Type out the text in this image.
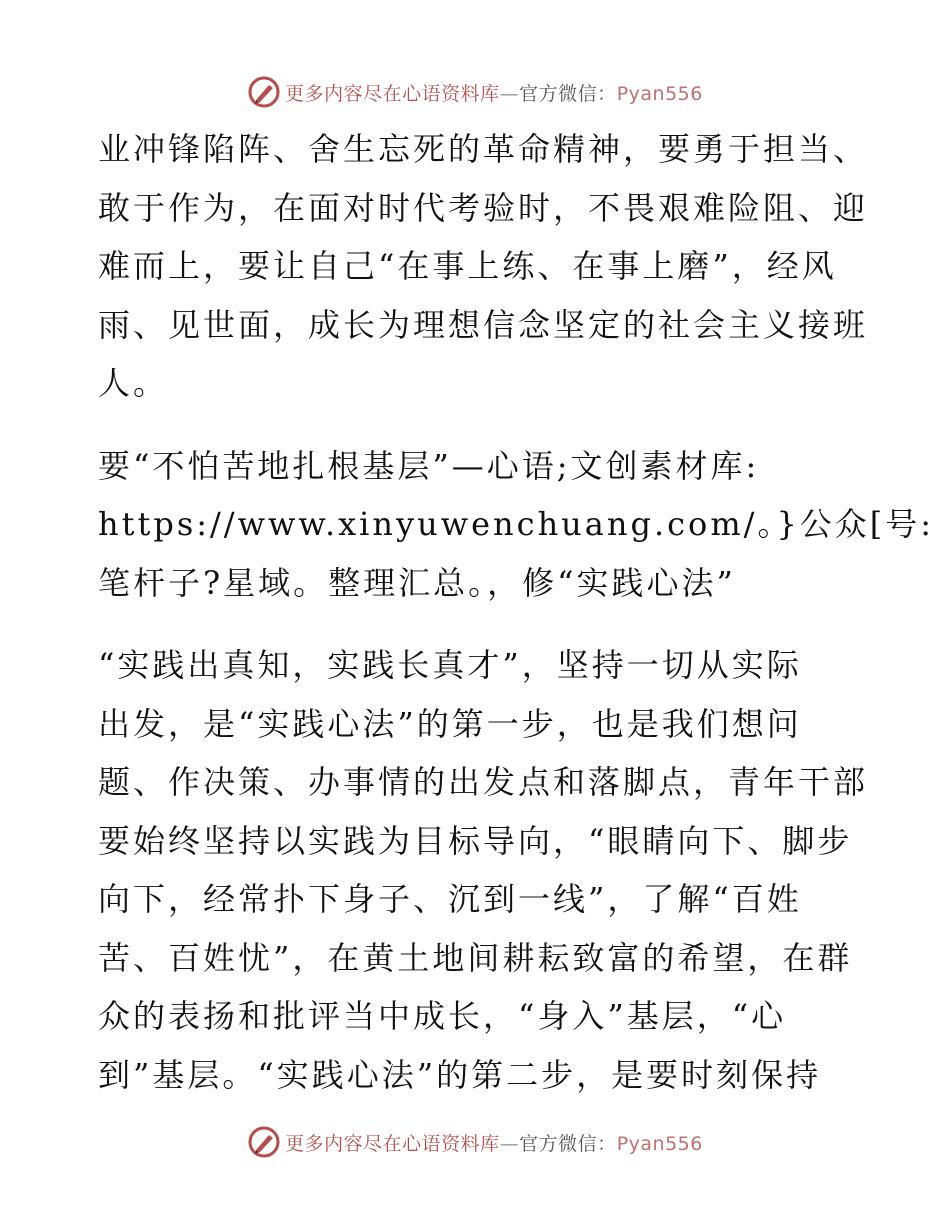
更多内容尽在心语资料库—官方微信：Pyan556
业冲锋陷阵、舍生忘死的革命精神，要勇于担当、
敢于作为，在面对时代考验时，不畏艰难险阻、迎
难而上，要让自己“在事上练、在事上磨”，经风
雨、见世面，成长为理想信念坚定的社会主义接班
人。
要“不怕苦地扎根基层”—心语;文创素材库:
https://www.xinyuwenchuang.com/。}公众[号:
笔杆子?星域。整理汇总。，修“实践心法”
“实践出真知，实践长真才”，坚持一切从实际
出发，是“实践心法”的第一步，也是我们想问
题、作决策、办事情的出发点和落脚点，青年干部
要始终坚持以实践为目标导向，“眼睛向下、脚步
向下，经常扑下身子、沉到一线”，了解“百姓
苦、百姓忧”，在黄土地间耕耘致富的希望，在群
众的表扬和批评当中成长，“身入”基层，“心
到”基层。“实践心法”的第二步，是要时刻保持
更多内容尽在心语资料库—官方微信：Pyan556
